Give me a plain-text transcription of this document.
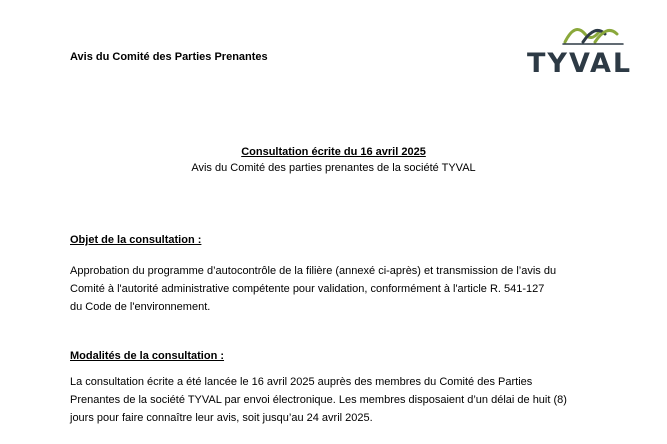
Avis du Comité des Parties Prenantes	TYVAL
Consultation écrite du 16 avril 2025
Avis du Comité des parties prenantes de la société TYVAL
Objet de la consultation :
Approbation du programme d’autocontrôle de la filière (annexé ci-après) et transmission de l’avis du
Comité à l'autorité administrative compétente pour validation, conformément à l'article R. 541-127
du Code de l'environnement.
Modalités de la consultation :
La consultation écrite a été lancée le 16 avril 2025 auprès des membres du Comité des Parties
Prenantes de la société TYVAL par envoi électronique. Les membres disposaient d’un délai de huit (8)
jours pour faire connaître leur avis, soit jusqu’au 24 avril 2025.
